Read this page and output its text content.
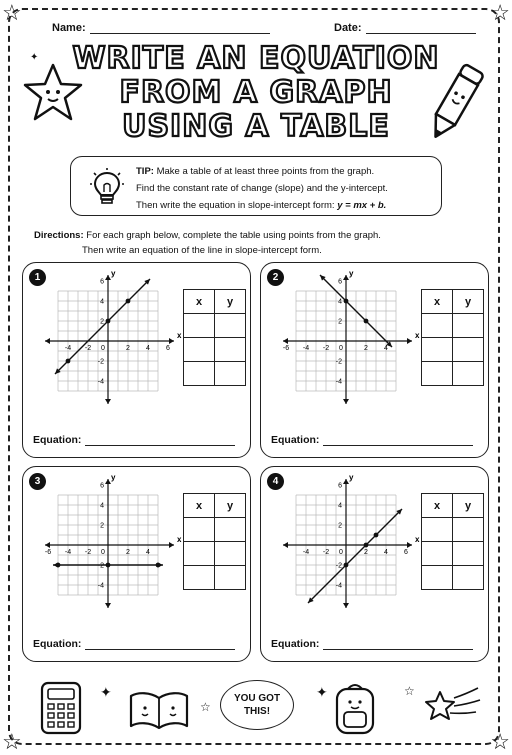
☆	☆
☆	☆
Name:	Date:
✦ WRITE AN EQUATION
FROM A GRAPH
USING A TABLE
TIP: Make a table of at least three points from the graph.
Find the constant rate of change (slope) and the y-intercept.
Then write the equation in slope-intercept form: y = mx + b.
Directions: For each graph below, complete the table using points from the graph.
Then write an equation of the line in slope-intercept form.
1
x
y
-4 -2 0	2 4 6
6
4
2
-2
-4
x	y

Equation:
2
x
y
-6 -4 -2 0	2 4
6
4
2
-2
-4
x	y

Equation:
3
x
y
-6 -4 -2 0	2 4
6
4
2
-2
-4
x	y

Equation:
4
x
y
-4 -2 0	2 4 6
6
4
2
-2
-4
x	y

Equation:
✦
☆
YOU GOT
THIS!
✦	☆
